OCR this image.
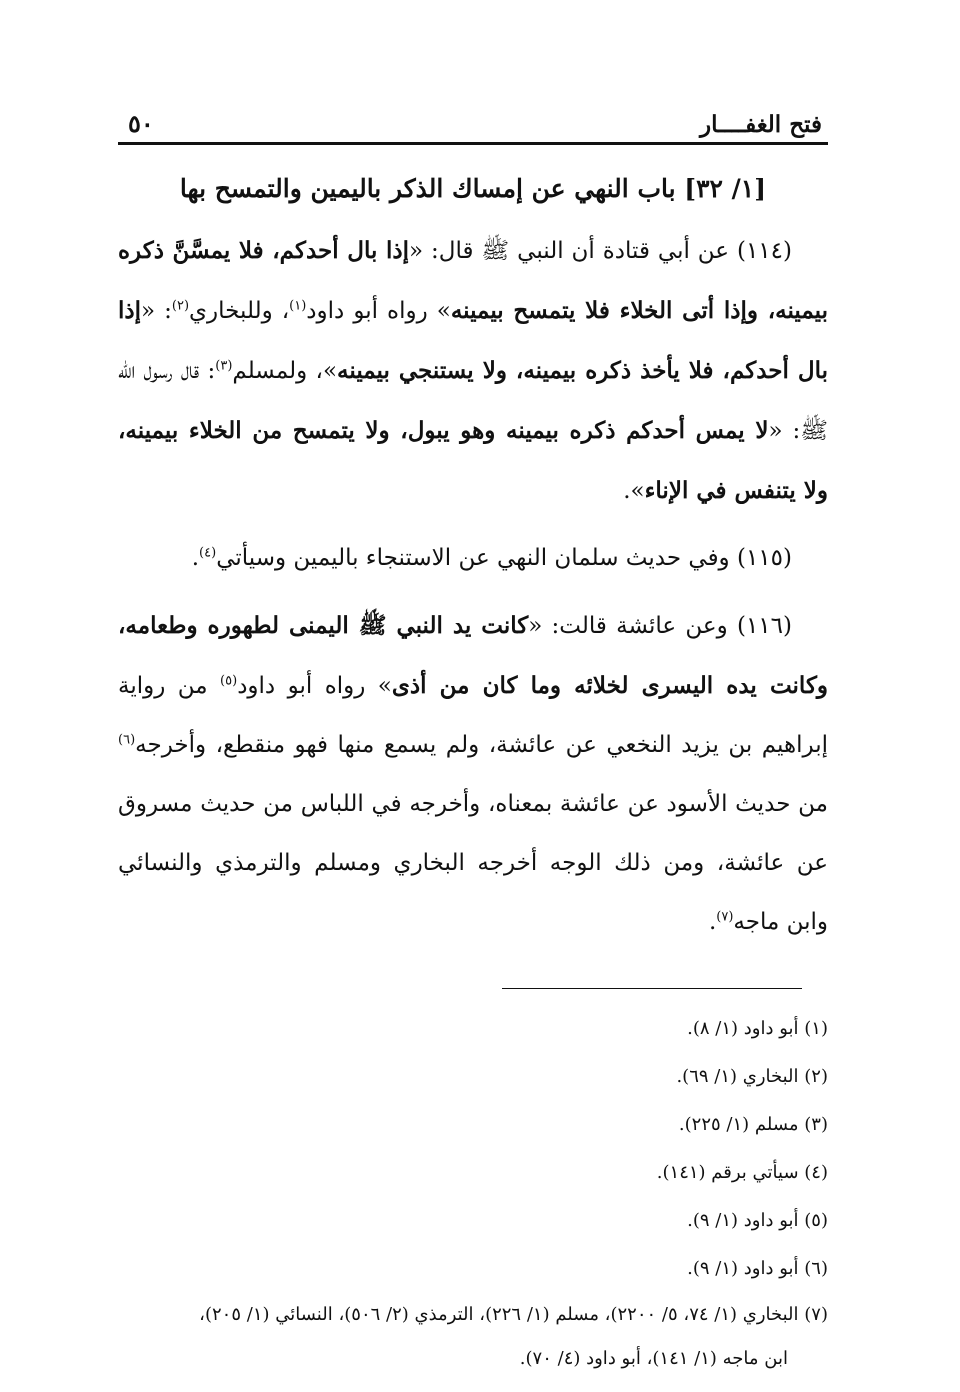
فتح الغفــــار
٥٠
[١/ ٣٢] باب النهي عن إمساك الذكر باليمين والتمسح بها

(١١٤) عن أبي قتادة أن النبي ﷺ قال: «إذا بال أحدكم، فلا يمسَّنَّ ذكره بيمينه، وإذا أتى الخلاء فلا يتمسح بيمينه» رواه أبو داود$^{(١)}$، وللبخاري$^{(٢)}$: «إذا بال أحدكم، فلا يأخذ ذكره بيمينه، ولا يستنجي بيمينه»، ولمسلم$^{(٣)}$: قال رسول الله ﷺ: «لا يمس أحدكم ذكره بيمينه وهو يبول، ولا يتمسح من الخلاء بيمينه، ولا يتنفس في الإناء».

(١١٥) وفي حديث سلمان النهي عن الاستنجاء باليمين وسيأتي$^{(٤)}$.

(١١٦) وعن عائشة قالت: «كانت يد النبي ﷺ اليمنى لطهوره وطعامه، وكانت يده اليسرى لخلائه وما كان من أذى» رواه أبو داود$^{(٥)}$ من رواية إبراهيم بن يزيد النخعي عن عائشة، ولم يسمع منها فهو منقطع، وأخرجه$^{(٦)}$ من حديث الأسود عن عائشة بمعناه، وأخرجه في اللباس من حديث مسروق عن عائشة، ومن ذلك الوجه أخرجه البخاري ومسلم والترمذي والنسائي وابن ماجه$^{(٧)}$.

(١) أبو داود (١/ ٨).

(٢) البخاري (١/ ٦٩).

(٣) مسلم (١/ ٢٢٥).

(٤) سيأتي برقم (١٤١).

(٥) أبو داود (١/ ٩).

(٦) أبو داود (١/ ٩).

(٧) البخاري (١/ ٧٤، ٥/ ٢٢٠٠)، مسلم (١/ ٢٢٦)، الترمذي (٢/ ٥٠٦)، النسائي (١/ ٢٠٥)،
ابن ماجه (١/ ١٤١)، أبو داود (٤/ ٧٠).
